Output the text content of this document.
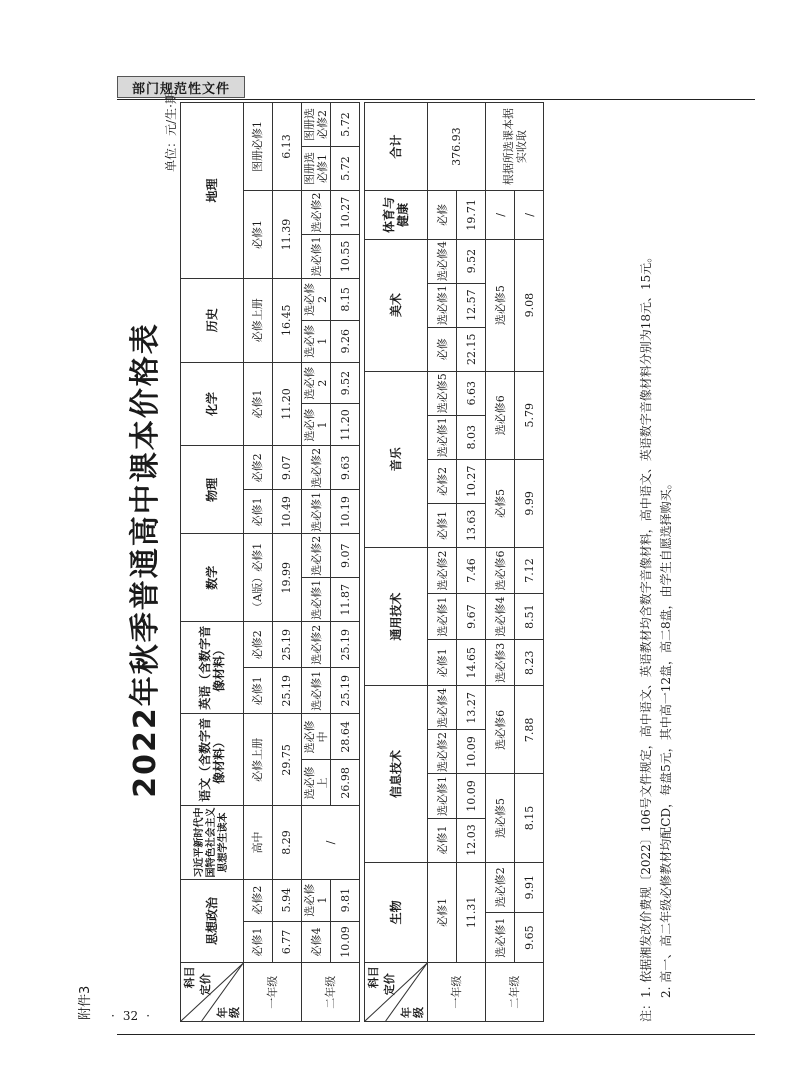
部门规范性文件
· 32 ·
附件3
2022年秋季普通高中课本价格表
单位：元/生·期
科目 定价
年 级	思想政治		习近平新时代中国特色社会主义思想学生读本	语文（含数字音像材料）		英语（含数字音像材料）		数学		物理		化学		历史		地理			
一年级	必修1	必修2	高中	必修上册		必修1	必修2	（A版）必修1		必修1	必修2	必修1		必修上册		必修1		图册必修1	
	6.77	5.94	8.29	29.75		25.19	25.19	19.99		10.49	9.07	11.20		16.45		11.39		6.13	
二年级	必修4	选必修1	/	选必修上	选必修中	选必修1	选必修2	选必修1	选必修2	选必修1	选必修2	选必修1	选必修2	选必修1	选必修2	选必修1	选必修2	图册选必修1	图册选必修2
	10.09	9.81		26.98	28.64	25.19	25.19	11.87	9.07	10.19	9.63	11.20	9.52	9.26	8.15	10.55	10.27	5.72	5.72
科目 定价
年 级	生物		信息技术				通用技术			音乐				美术			体育与健康	合计
一年级	必修1		必修1	选必修1	选必修2	选必修4	必修1	选必修1	选必修2	必修1	必修2	选必修1	选必修5	必修	选必修1	选必修4	必修	376.93
	11.31		12.03	10.09	10.09	13.27	14.65	9.67	7.46	13.63	10.27	8.03	6.63	22.15	12.57	9.52	19.71	
二年级	选必修1	选必修2	选必修5		选必修6		选必修3	选必修4	选必修6	必修5		选必修6		选必修5			/	根据所选课本据实收取
	9.65	9.91	8.15		7.88		8.23	8.51	7.12	9.99		5.79		9.08			/	
注：1. 依据湘发改价费规〔2022〕106号文件规定，高中语文、英语教材均含数字音像材料，高中语文、英语数字音像材料分别为18元、15元。 2. 高一、高二年级必修教材均配CD，每盘5元，其中高一12盘，高二8盘，由学生自愿选择购买。
